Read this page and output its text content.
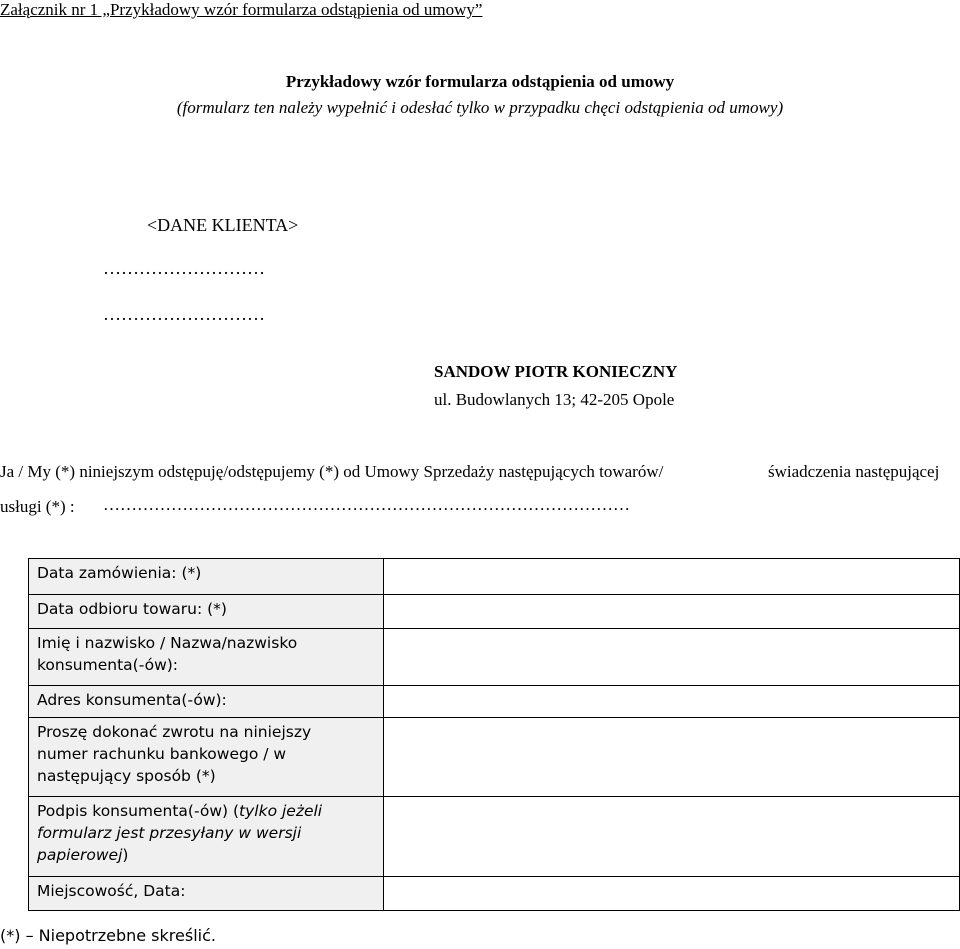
Załącznik nr 1 „Przykładowy wzór formularza odstąpienia od umowy”
Przykładowy wzór formularza odstąpienia od umowy
(formularz ten należy wypełnić i odesłać tylko w przypadku chęci odstąpienia od umowy)
<DANE KLIENTA>
………………………
………………………
SANDOW PIOTR KONIECZNY
ul. Budowlanych 13; 42-205 Opole
Ja / My (*) niniejszym odstępuję/odstępujemy (*) od Umowy Sprzedaży następujących towarów/	świadczenia następującej
usługi (*) : …………………………………………………………………………………
Data zamówienia: (*)	
Data odbioru towaru: (*)	

Imię i nazwisko / Nazwa/nazwisko
konsumenta(-ów):	

Adres konsumenta(-ów):	

Proszę dokonać zwrotu na niniejszy
numer rachunku bankowego / w
następujący sposób (*)	

Podpis konsumenta(-ów) (tylko jeżeli
formularz jest przesyłany w wersji
papierowej)	

Miejscowość, Data:	
(*) – Niepotrzebne skreślić.
